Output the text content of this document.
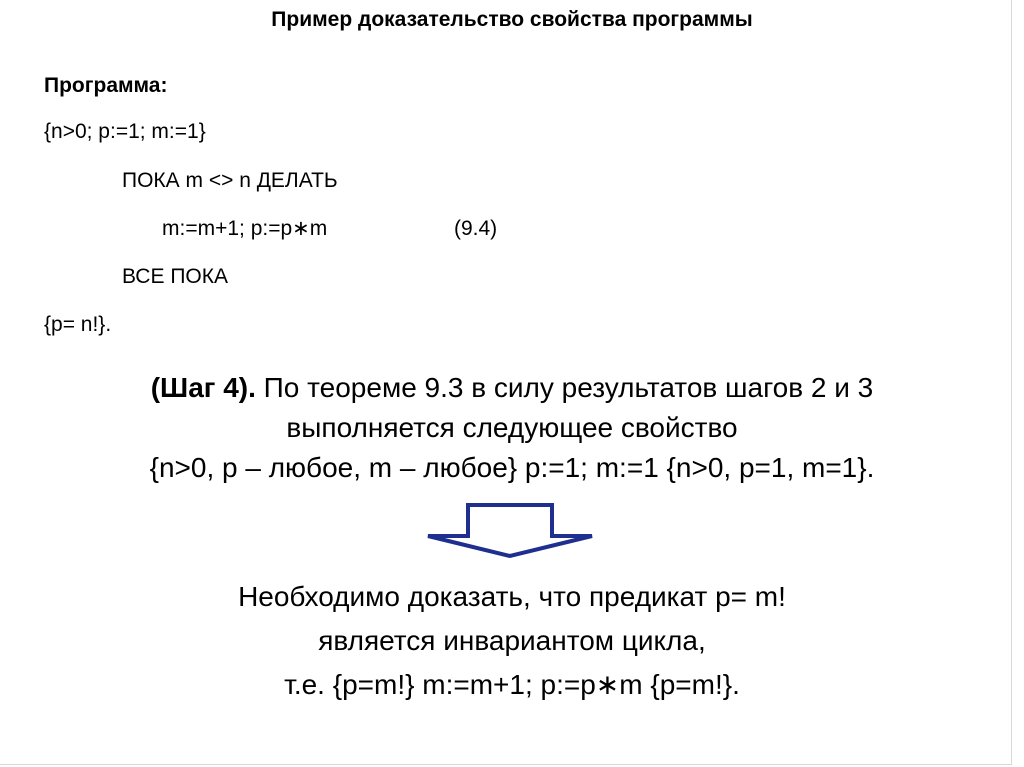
Пример доказательство свойства программы
Программа:
{n>0; p:=1; m:=1}
ПОКА m <> n ДЕЛАТЬ
m:=m+1; p:=p∗m	(9.4)
ВСЕ ПОКА
{p= n!}.
(Шаг 4). По теореме 9.3 в силу результатов шагов 2 и 3
выполняется следующее свойство
{n>0, p – любое, m – любое} p:=1; m:=1 {n>0, p=1, m=1}.
Необходимо доказать, что предикат p= m!
является инвариантом цикла,
т.е. {p=m!} m:=m+1; p:=p∗m {p=m!}.
